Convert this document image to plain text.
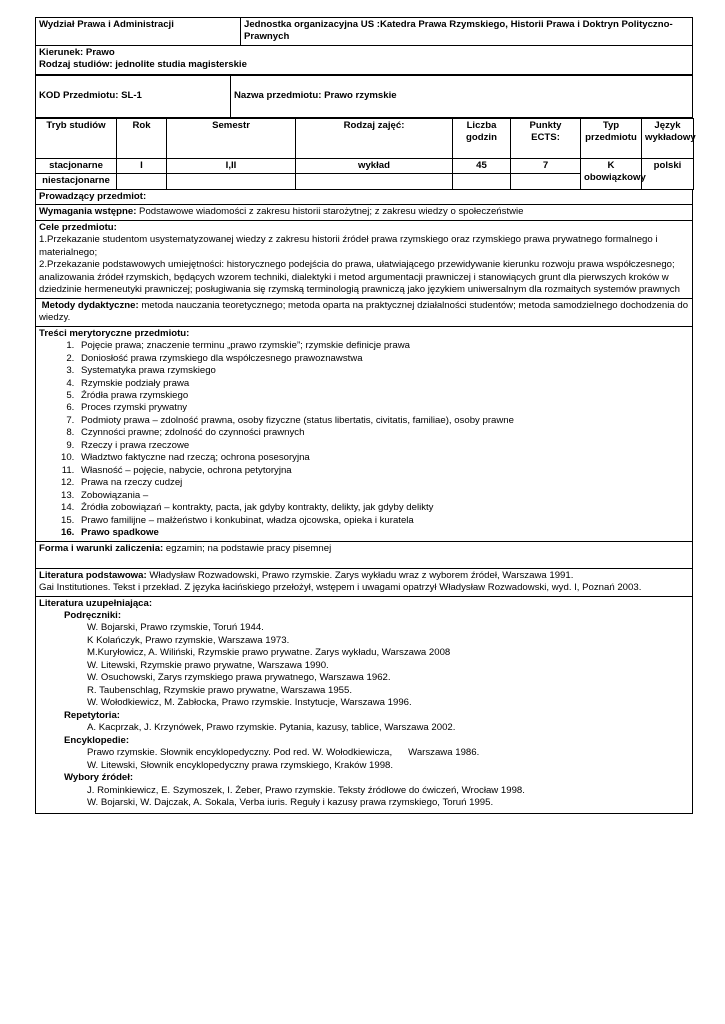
Wydział Prawa i Administracji	Jednostka organizacyjna US :Katedra Prawa Rzymskiego, Historii Prawa i Doktryn Polityczno-Prawnych
Kierunek: Prawo
Rodzaj studiów: jednolite studia magisterskie
KOD Przedmiotu: SL-1	Nazwa przedmiotu: Prawo rzymskie
Tryb studiów	Rok	Semestr	Rodzaj zajęć:	Liczba godzin	Punkty ECTS:	Typ przedmiotu	Język wykładowy
stacjonarne	I	I,II	wykład	45	7	K obowiązkowy	polski
niestacjonarne							
Prowadzący przedmiot:
Wymagania wstępne: Podstawowe wiadomości z zakresu historii starożytnej; z zakresu wiedzy o społeczeństwie
Cele przedmiotu:
1.Przekazanie studentom usystematyzowanej wiedzy z zakresu historii źródeł prawa rzymskiego oraz rzymskiego prawa prywatnego formalnego i materialnego;
2.Przekazanie podstawowych umiejętności: historycznego podejścia do prawa, ułatwiającego przewidywanie kierunku rozwoju prawa współczesnego; analizowania źródeł rzymskich, będących wzorem techniki, dialektyki i metod argumentacji prawniczej i stanowiących grunt dla pierwszych kroków w dziedzinie hermeneutyki prawniczej; posługiwania się rzymską terminologią prawniczą jako językiem uniwersalnym dla rozmaitych systemów prawnych
Metody dydaktyczne: metoda nauczania teoretycznego; metoda oparta na praktycznej działalności studentów; metoda samodzielnego dochodzenia do wiedzy.
Treści merytoryczne przedmiotu:
1. Pojęcie prawa; znaczenie terminu „prawo rzymskie”; rzymskie definicje prawa
2. Doniosłość prawa rzymskiego dla współczesnego prawoznawstwa
3. Systematyka prawa rzymskiego
4. Rzymskie podziały prawa
5. Źródła prawa rzymskiego
6. Proces rzymski prywatny
7. Podmioty prawa – zdolność prawna, osoby fizyczne (status libertatis, civitatis, familiae), osoby prawne
8. Czynności prawne; zdolność do czynności prawnych
9. Rzeczy i prawa rzeczowe
10. Władztwo faktyczne nad rzeczą; ochrona posesoryjna
11. Własność – pojęcie, nabycie, ochrona petytoryjna
12. Prawa na rzeczy cudzej
13. Zobowiązania –
14. Źródła zobowiązań – kontrakty, pacta, jak gdyby kontrakty, delikty, jak gdyby delikty
15. Prawo familijne – małżeństwo i konkubinat, władza ojcowska, opieka i kuratela
16. Prawo spadkowe
Forma i warunki zaliczenia: egzamin; na podstawie pracy pisemnej
Literatura podstawowa: Władysław Rozwadowski, Prawo rzymskie. Zarys wykładu wraz z wyborem źródeł, Warszawa 1991.
Gai Institutiones. Tekst i przekład. Z języka łacińskiego przełożył, wstępem i uwagami opatrzył Władysław Rozwadowski, wyd. I, Poznań 2003.
Literatura uzupełniająca:
Podręczniki:
W. Bojarski, Prawo rzymskie, Toruń 1944.
K Kolańczyk, Prawo rzymskie, Warszawa 1973.
M.Kuryłowicz, A. Wiliński, Rzymskie prawo prywatne. Zarys wykładu, Warszawa 2008
W. Litewski, Rzymskie prawo prywatne, Warszawa 1990.
W. Osuchowski, Zarys rzymskiego prawa prywatnego, Warszawa 1962.
R. Taubenschlag, Rzymskie prawo prywatne, Warszawa 1955.
W. Wołodkiewicz, M. Zabłocka, Prawo rzymskie. Instytucje, Warszawa 1996.
Repetytoria:
A. Kacprzak, J. Krzynówek, Prawo rzymskie. Pytania, kazusy, tablice, Warszawa 2002.
Encyklopedie:
Prawo rzymskie. Słownik encyklopedyczny. Pod red. W. Wołodkiewicza,      Warszawa 1986.
W. Litewski, Słownik encyklopedyczny prawa rzymskiego, Kraków 1998.
Wybory źródeł:
J. Rominkiewicz, E. Szymoszek, I. Żeber, Prawo rzymskie. Teksty źródłowe do ćwiczeń, Wrocław 1998.
W. Bojarski, W. Dajczak, A. Sokala, Verba iuris. Reguły i kazusy prawa rzymskiego, Toruń 1995.
